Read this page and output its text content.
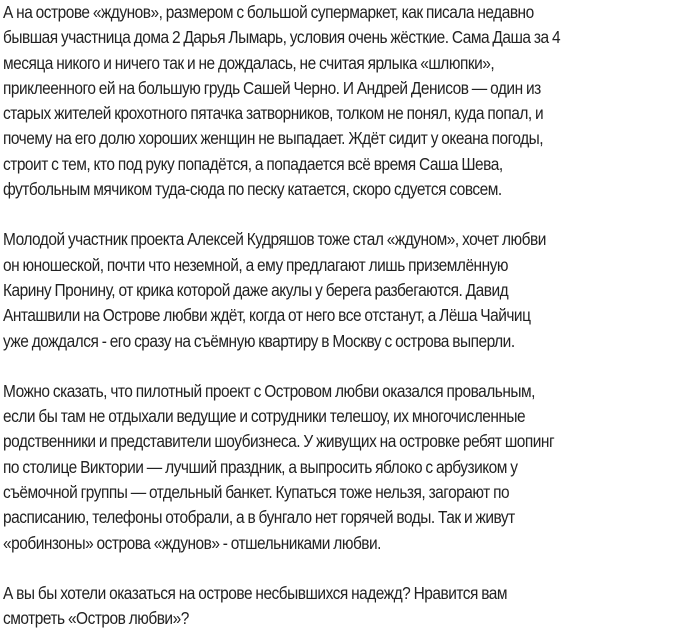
А на острове «ждунов», размером с большой супермаркет, как писала недавно
бывшая участница дома 2 Дарья Лымарь, условия очень жёсткие. Сама Даша за 4
месяца никого и ничего так и не дождалась, не считая ярлыка «шлюпки»,
приклеенного ей на большую грудь Сашей Черно. И Андрей Денисов — один из
старых жителей крохотного пятачка затворников, толком не понял, куда попал, и
почему на его долю хороших женщин не выпадает. Ждёт сидит у океана погоды,
строит с тем, кто под руку попадётся, а попадается всё время Саша Шева,
футбольным мячиком туда-сюда по песку катается, скоро сдуется совсем.

Молодой участник проекта Алексей Кудряшов тоже стал «ждуном», хочет любви
он юношеской, почти что неземной, а ему предлагают лишь приземлённую
Карину Пронину, от крика которой даже акулы у берега разбегаются. Давид
Анташвили на Острове любви ждёт, когда от него все отстанут, а Лёша Чайчиц
уже дождался - его сразу на съёмную квартиру в Москву с острова выперли.

Можно сказать, что пилотный проект с Островом любви оказался провальным,
если бы там не отдыхали ведущие и сотрудники телешоу, их многочисленные
родственники и представители шоубизнеса. У живущих на островке ребят шопинг
по столице Виктории — лучший праздник, а выпросить яблоко с арбузиком у
съёмочной группы — отдельный банкет. Купаться тоже нельзя, загорают по
расписанию, телефоны отобрали, а в бунгало нет горячей воды. Так и живут
«робинзоны» острова «ждунов» - отшельниками любви.

А вы бы хотели оказаться на острове несбывшихся надежд? Нравится вам
смотреть «Остров любви»?
